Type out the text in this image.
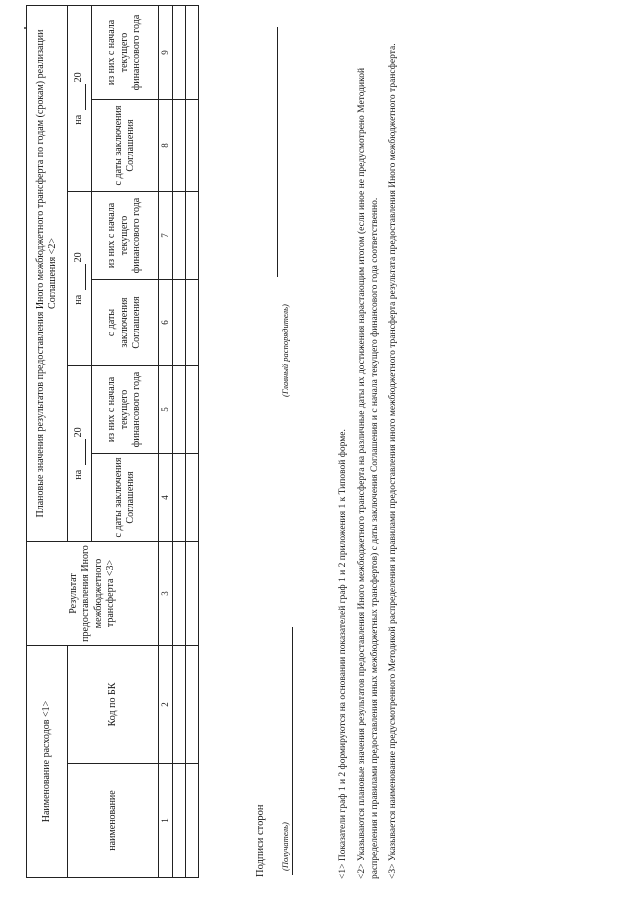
Наименование расходов <1>		Результат предоставления Иного межбюджетного трансферта <3>	Плановые значения результатов предоставления Иного межбюджетного трансферта по годам (срокам) реализации Соглашения <2>					
наименование	Код по БК		на 20		на 20		на 20	
			с даты заключения Соглашения	из них с начала текущего финансового года	с даты заключения Соглашения	из них с начала текущего финансового года	с даты заключения Соглашения	из них с начала текущего финансового года
1	2	3	4	5	6	7	8	9

Подписи сторон (Получатель)
(Главный распорядитель)

<1> Показатели граф 1 и 2 формируются на основании показателей граф 1 и 2 приложения 1 к Типовой форме. <2> Указываются плановые значения результатов предоставления Иного межбюджетного трансферта на различные даты их достижения нарастающим итогом (если иное не предусмотрено Методикой распределения и правилами предоставления иных межбюджетных трансфертов) с даты заключения Соглашения и с начала текущего финансового года соответственно. <3> Указывается наименование предусмотренного Методикой распределения и правилами предоставления иного межбюджетного трансферта результата предоставления Иного межбюджетного трансферта.
